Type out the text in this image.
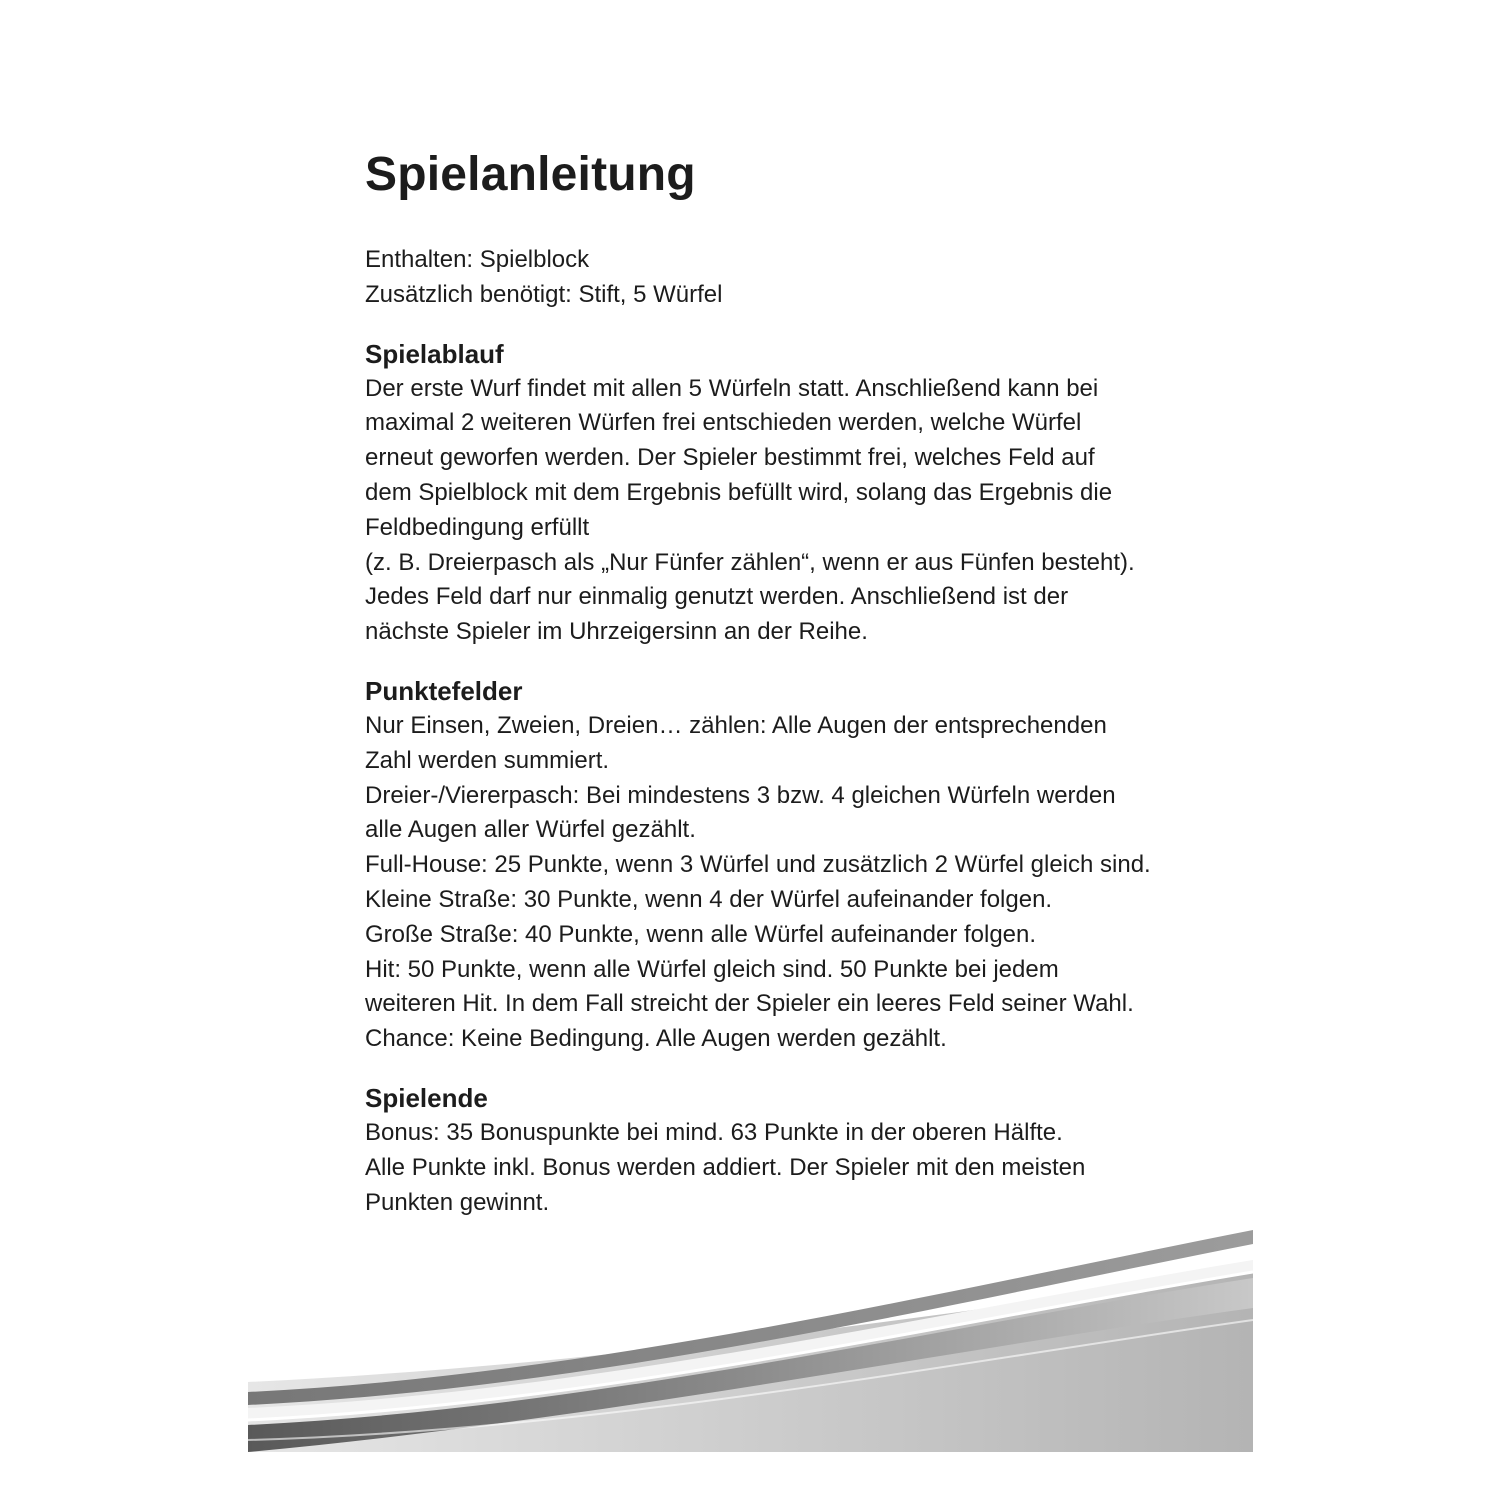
Spielanleitung

Enthalten: Spielblock

Zusätzlich benötigt: Stift, 5 Würfel

Spielablauf

Der erste Wurf findet mit allen 5 Würfeln statt. Anschließend kann bei

maximal 2 weiteren Würfen frei entschieden werden, welche Würfel

erneut geworfen werden. Der Spieler bestimmt frei, welches Feld auf

dem Spielblock mit dem Ergebnis befüllt wird, solang das Ergebnis die

Feldbedingung erfüllt

(z. B. Dreierpasch als „Nur Fünfer zählen“, wenn er aus Fünfen besteht).

Jedes Feld darf nur einmalig genutzt werden. Anschließend ist der

nächste Spieler im Uhrzeigersinn an der Reihe.

Punktefelder

Nur Einsen, Zweien, Dreien… zählen: Alle Augen der entsprechenden

Zahl werden summiert.

Dreier-/Viererpasch: Bei mindestens 3 bzw. 4 gleichen Würfeln werden

alle Augen aller Würfel gezählt.

Full-House: 25 Punkte, wenn 3 Würfel und zusätzlich 2 Würfel gleich sind.

Kleine Straße: 30 Punkte, wenn 4 der Würfel aufeinander folgen.

Große Straße: 40 Punkte, wenn alle Würfel aufeinander folgen.

Hit: 50 Punkte, wenn alle Würfel gleich sind. 50 Punkte bei jedem

weiteren Hit. In dem Fall streicht der Spieler ein leeres Feld seiner Wahl.

Chance: Keine Bedingung. Alle Augen werden gezählt.

Spielende

Bonus: 35 Bonuspunkte bei mind. 63 Punkte in der oberen Hälfte.

Alle Punkte inkl. Bonus werden addiert. Der Spieler mit den meisten

Punkten gewinnt.
